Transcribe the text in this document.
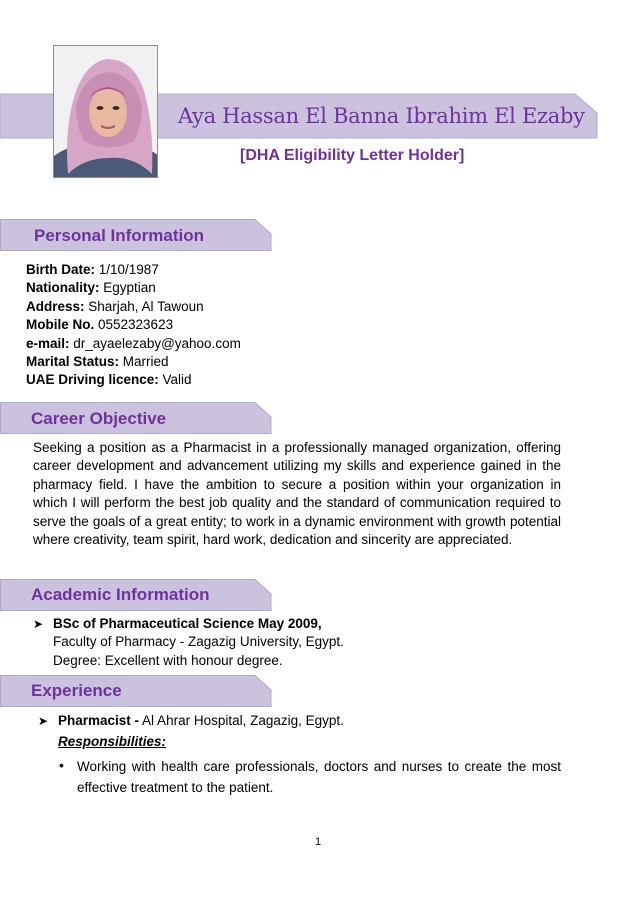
Aya Hassan El Banna Ibrahim El Ezaby
[DHA Eligibility Letter Holder]
Personal Information
Birth Date: 1/10/1987
Nationality: Egyptian
Address: Sharjah, Al Tawoun
Mobile No. 0552323623
e-mail: dr_ayaelezaby@yahoo.com
Marital Status: Married
UAE Driving licence: Valid
Career Objective
Seeking a position as a Pharmacist in a professionally managed organization, offering career development and advancement utilizing my skills and experience gained in the pharmacy field. I have the ambition to secure a position within your organization in which I will perform the best job quality and the standard of communication required to serve the goals of a great entity; to work in a dynamic environment with growth potential where creativity, team spirit, hard work, dedication and sincerity are appreciated.
Academic Information
➤ BSc of Pharmaceutical Science May 2009,
Faculty of Pharmacy - Zagazig University, Egypt.
Degree: Excellent with honour degree.
Experience
➤ Pharmacist - Al Ahrar Hospital, Zagazig, Egypt.
Responsibilities:
• Working with health care professionals, doctors and nurses to create the most effective treatment to the patient.
1
